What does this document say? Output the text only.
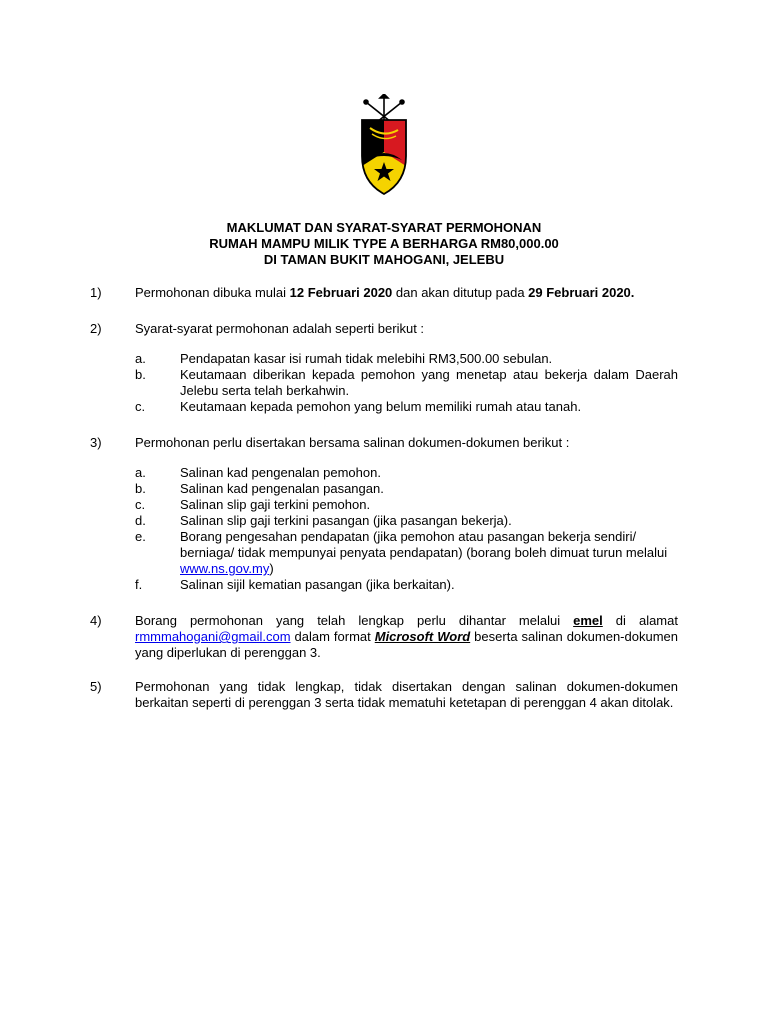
MAKLUMAT DAN SYARAT-SYARAT PERMOHONAN
RUMAH MAMPU MILIK TYPE A BERHARGA RM80,000.00
DI TAMAN BUKIT MAHOGANI, JELEBU
1)	Permohonan dibuka mulai 12 Februari 2020 dan akan ditutup pada 29 Februari 2020.
2)	Syarat-syarat permohonan adalah seperti berikut :
a.	Pendapatan kasar isi rumah tidak melebihi RM3,500.00 sebulan.
b.	Keutamaan diberikan kepada pemohon yang menetap atau bekerja dalam Daerah Jelebu serta telah berkahwin.
c.	Keutamaan kepada pemohon yang belum memiliki rumah atau tanah.
3)	Permohonan perlu disertakan bersama salinan dokumen-dokumen berikut :
a.	Salinan kad pengenalan pemohon.
b.	Salinan kad pengenalan pasangan.
c.	Salinan slip gaji terkini pemohon.
d.	Salinan slip gaji terkini pasangan (jika pasangan bekerja).
e.	Borang pengesahan pendapatan (jika pemohon atau pasangan bekerja sendiri/ berniaga/ tidak mempunyai penyata pendapatan) (borang boleh dimuat turun melalui www.ns.gov.my)
f.	Salinan sijil kematian pasangan (jika berkaitan).
4)	Borang permohonan yang telah lengkap perlu dihantar melalui emel di alamat rmmmahogani@gmail.com dalam format Microsoft Word beserta salinan dokumen-dokumen yang diperlukan di perenggan 3.
5)	Permohonan yang tidak lengkap, tidak disertakan dengan salinan dokumen-dokumen berkaitan seperti di perenggan 3 serta tidak mematuhi ketetapan di perenggan 4 akan ditolak.
